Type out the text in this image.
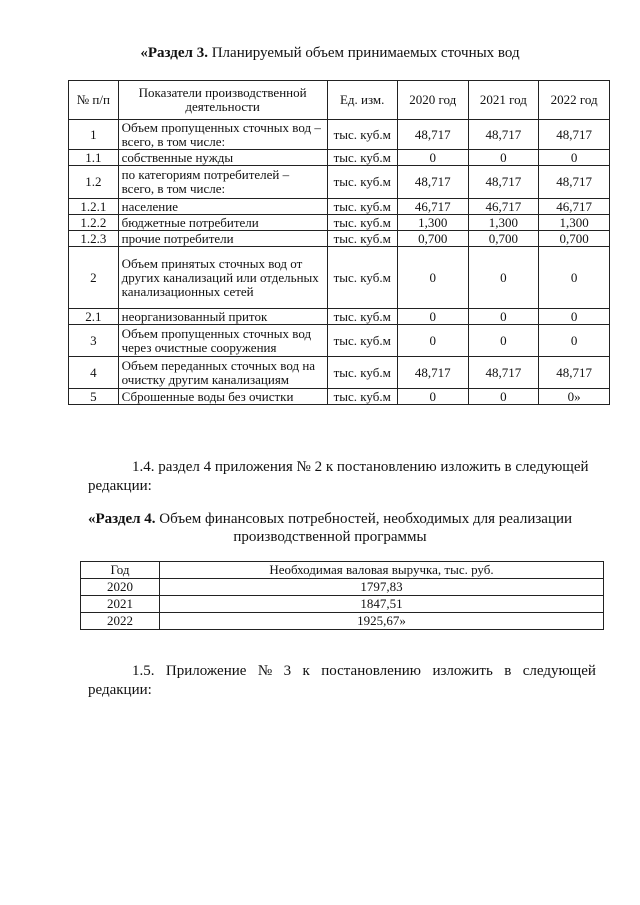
«Раздел 3. Планируемый объем принимаемых сточных вод
№ п/п	Показатели производственной деятельности	Ед. изм.	2020 год	2021 год	2022 год
1	Объем пропущенных сточных вод – всего, в том числе:	тыс. куб.м	48,717	48,717	48,717
1.1	собственные нужды	тыс. куб.м	0	0	0
1.2	по категориям потребителей – всего, в том числе:	тыс. куб.м	48,717	48,717	48,717
1.2.1	население	тыс. куб.м	46,717	46,717	46,717
1.2.2	бюджетные потребители	тыс. куб.м	1,300	1,300	1,300
1.2.3	прочие потребители	тыс. куб.м	0,700	0,700	0,700
2	Объем принятых сточных вод от других канализаций или отдельных канализационных сетей	тыс. куб.м	0	0	0
2.1	неорганизованный приток	тыс. куб.м	0	0	0
3	Объем пропущенных сточных вод через очистные сооружения	тыс. куб.м	0	0	0
4	Объем переданных сточных вод на очистку другим канализациям	тыс. куб.м	48,717	48,717	48,717
5	Сброшенные воды без очистки	тыс. куб.м	0	0	0»
1.4. раздел 4 приложения № 2 к постановлению изложить в следующей
редакции:
«Раздел 4. Объем финансовых потребностей, необходимых для реализации
производственной программы
Год	Необходимая валовая выручка, тыс. руб.
2020	1797,83
2021	1847,51
2022	1925,67»
1.5. Приложение № 3 к постановлению изложить в следующей
редакции:
